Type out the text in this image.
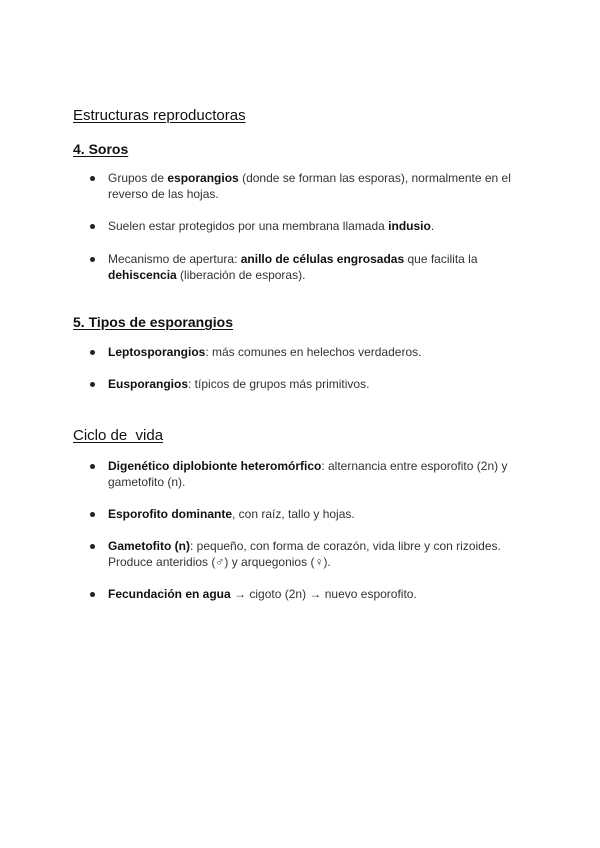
Estructuras reproductoras
4. Soros

Grupos de esporangios (donde se forman las esporas), normalmente en el reverso de las hojas.

Suelen estar protegidos por una membrana llamada indusio.

Mecanismo de apertura: anillo de células engrosadas que facilita la dehiscencia (liberación de esporas).

5. Tipos de esporangios

Leptosporangios: más comunes en helechos verdaderos.

Eusporangios: típicos de grupos más primitivos.

Ciclo de  vida

Digenético diplobionte heteromórfico: alternancia entre esporofito (2n) y gametofito (n).

Esporofito dominante, con raíz, tallo y hojas.

Gametofito (n): pequeño, con forma de corazón, vida libre y con rizoides. Produce anteridios (♂) y arquegonios (♀).

Fecundación en agua → cigoto (2n) → nuevo esporofito.
